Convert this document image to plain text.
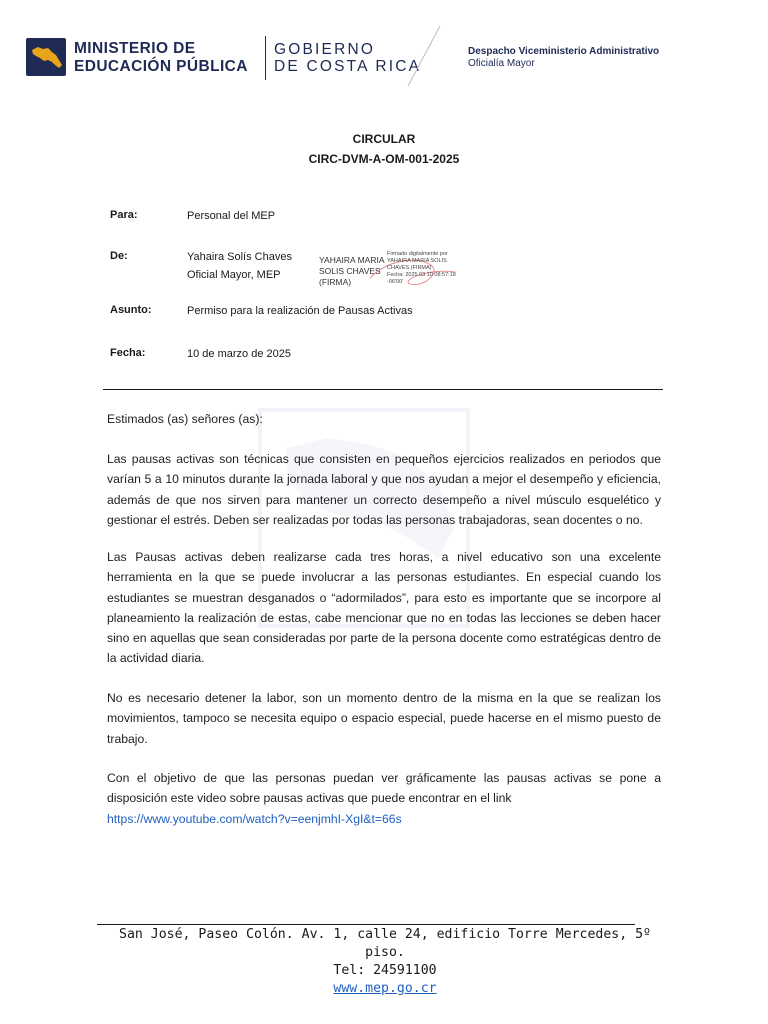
MINISTERIO DE
EDUCACIÓN PÚBLICA
GOBIERNO
DE COSTA RICA
Despacho Viceministerio Administrativo
Oficialía Mayor
CIRCULAR
CIRC-DVM-A-OM-001-2025
Para:	Personal del MEP
De:	Yahaira Solís Chaves
Oficial Mayor, MEP
YAHAIRA MARIA
SOLIS CHAVES
(FIRMA)
Firmado digitalmente por
YAHAIRA MARIA SOLIS
CHAVES (FIRMA)
Fecha: 2025.03.10 08:57:18
-06'00'
Asunto:	Permiso para la realización de Pausas Activas
Fecha:	10 de marzo de 2025
Estimados (as) señores (as):
Las pausas activas son técnicas que consisten en pequeños ejercicios realizados en periodos que varían 5 a 10 minutos durante la jornada laboral y que nos ayudan a mejor el desempeño y eficiencia, además de que nos sirven para mantener un correcto desempeño a nivel músculo esquelético y gestionar el estrés. Deben ser realizadas por todas las personas trabajadoras, sean docentes o no.
Las Pausas activas deben realizarse cada tres horas, a nivel educativo son una excelente herramienta en la que se puede involucrar a las personas estudiantes. En especial cuando los estudiantes se muestran desganados o “adormilados”, para esto es importante que se incorpore al planeamiento la realización de estas, cabe mencionar que no en todas las lecciones se deben hacer sino en aquellas que sean consideradas por parte de la persona docente como estratégicas dentro de la actividad diaria.
No es necesario detener la labor, son un momento dentro de la misma en la que se realizan los movimientos, tampoco se necesita equipo o espacio especial, puede hacerse en el mismo puesto de trabajo.
Con el objetivo de que las personas puedan ver gráficamente las pausas activas se pone a disposición este video sobre pausas activas que puede encontrar en el link
https://www.youtube.com/watch?v=eenjmhI-XgI&t=66s
San José, Paseo Colón. Av. 1, calle 24, edificio Torre Mercedes, 5º piso.
Tel: 24591100
www.mep.go.cr
